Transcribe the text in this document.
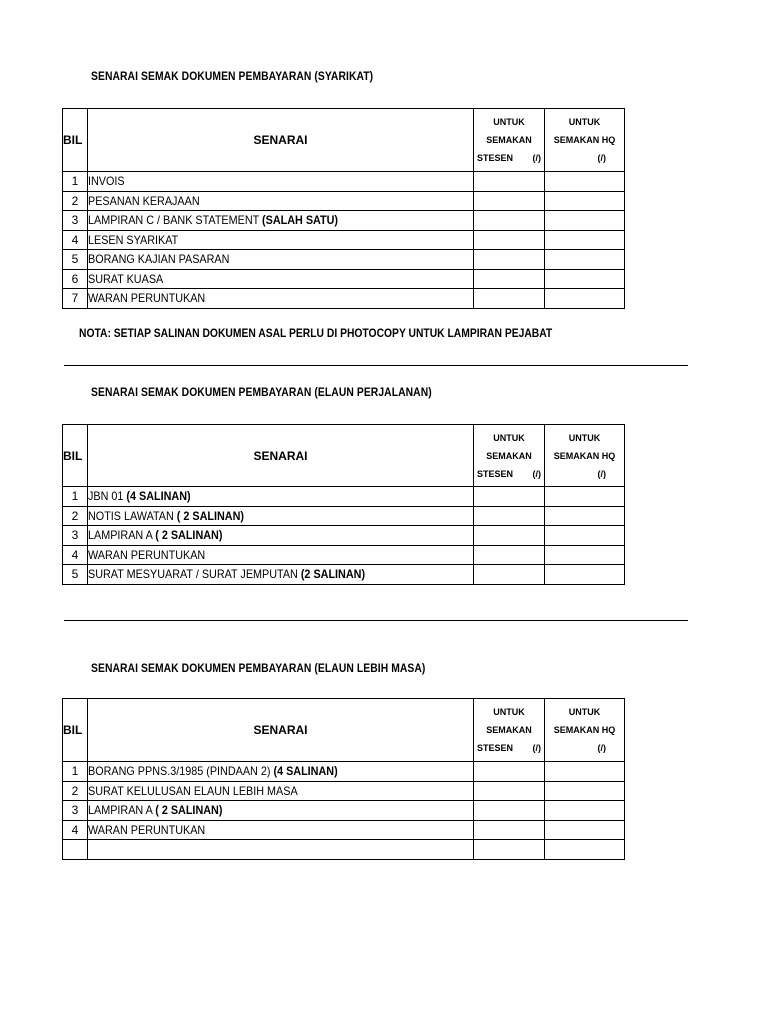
SENARAI SEMAK DOKUMEN PEMBAYARAN (SYARIKAT)
BIL	SENARAI	UNTUK
SEMAKAN
STESEN (/)	UNTUK
SEMAKAN HQ
(/)

1	INVOIS		
2	PESANAN KERAJAAN		
3	LAMPIRAN C / BANK STATEMENT (SALAH SATU)		
4	LESEN SYARIKAT		
5	BORANG KAJIAN PASARAN		
6	SURAT KUASA		
7	WARAN PERUNTUKAN		
NOTA: SETIAP SALINAN DOKUMEN ASAL PERLU DI PHOTOCOPY UNTUK LAMPIRAN PEJABAT
SENARAI SEMAK DOKUMEN PEMBAYARAN (ELAUN PERJALANAN)
BIL	SENARAI	UNTUK
SEMAKAN
STESEN (/)	UNTUK
SEMAKAN HQ
(/)

1	JBN 01 (4 SALINAN)		
2	NOTIS LAWATAN ( 2 SALINAN)		
3	LAMPIRAN A ( 2 SALINAN)		
4	WARAN PERUNTUKAN		
5	SURAT MESYUARAT / SURAT JEMPUTAN (2 SALINAN)		
SENARAI SEMAK DOKUMEN PEMBAYARAN (ELAUN LEBIH MASA)
BIL	SENARAI	UNTUK
SEMAKAN
STESEN (/)	UNTUK
SEMAKAN HQ
(/)

1	BORANG PPNS.3/1985 (PINDAAN 2) (4 SALINAN)		
2	SURAT KELULUSAN ELAUN LEBIH MASA		
3	LAMPIRAN A ( 2 SALINAN)		
4	WARAN PERUNTUKAN		
